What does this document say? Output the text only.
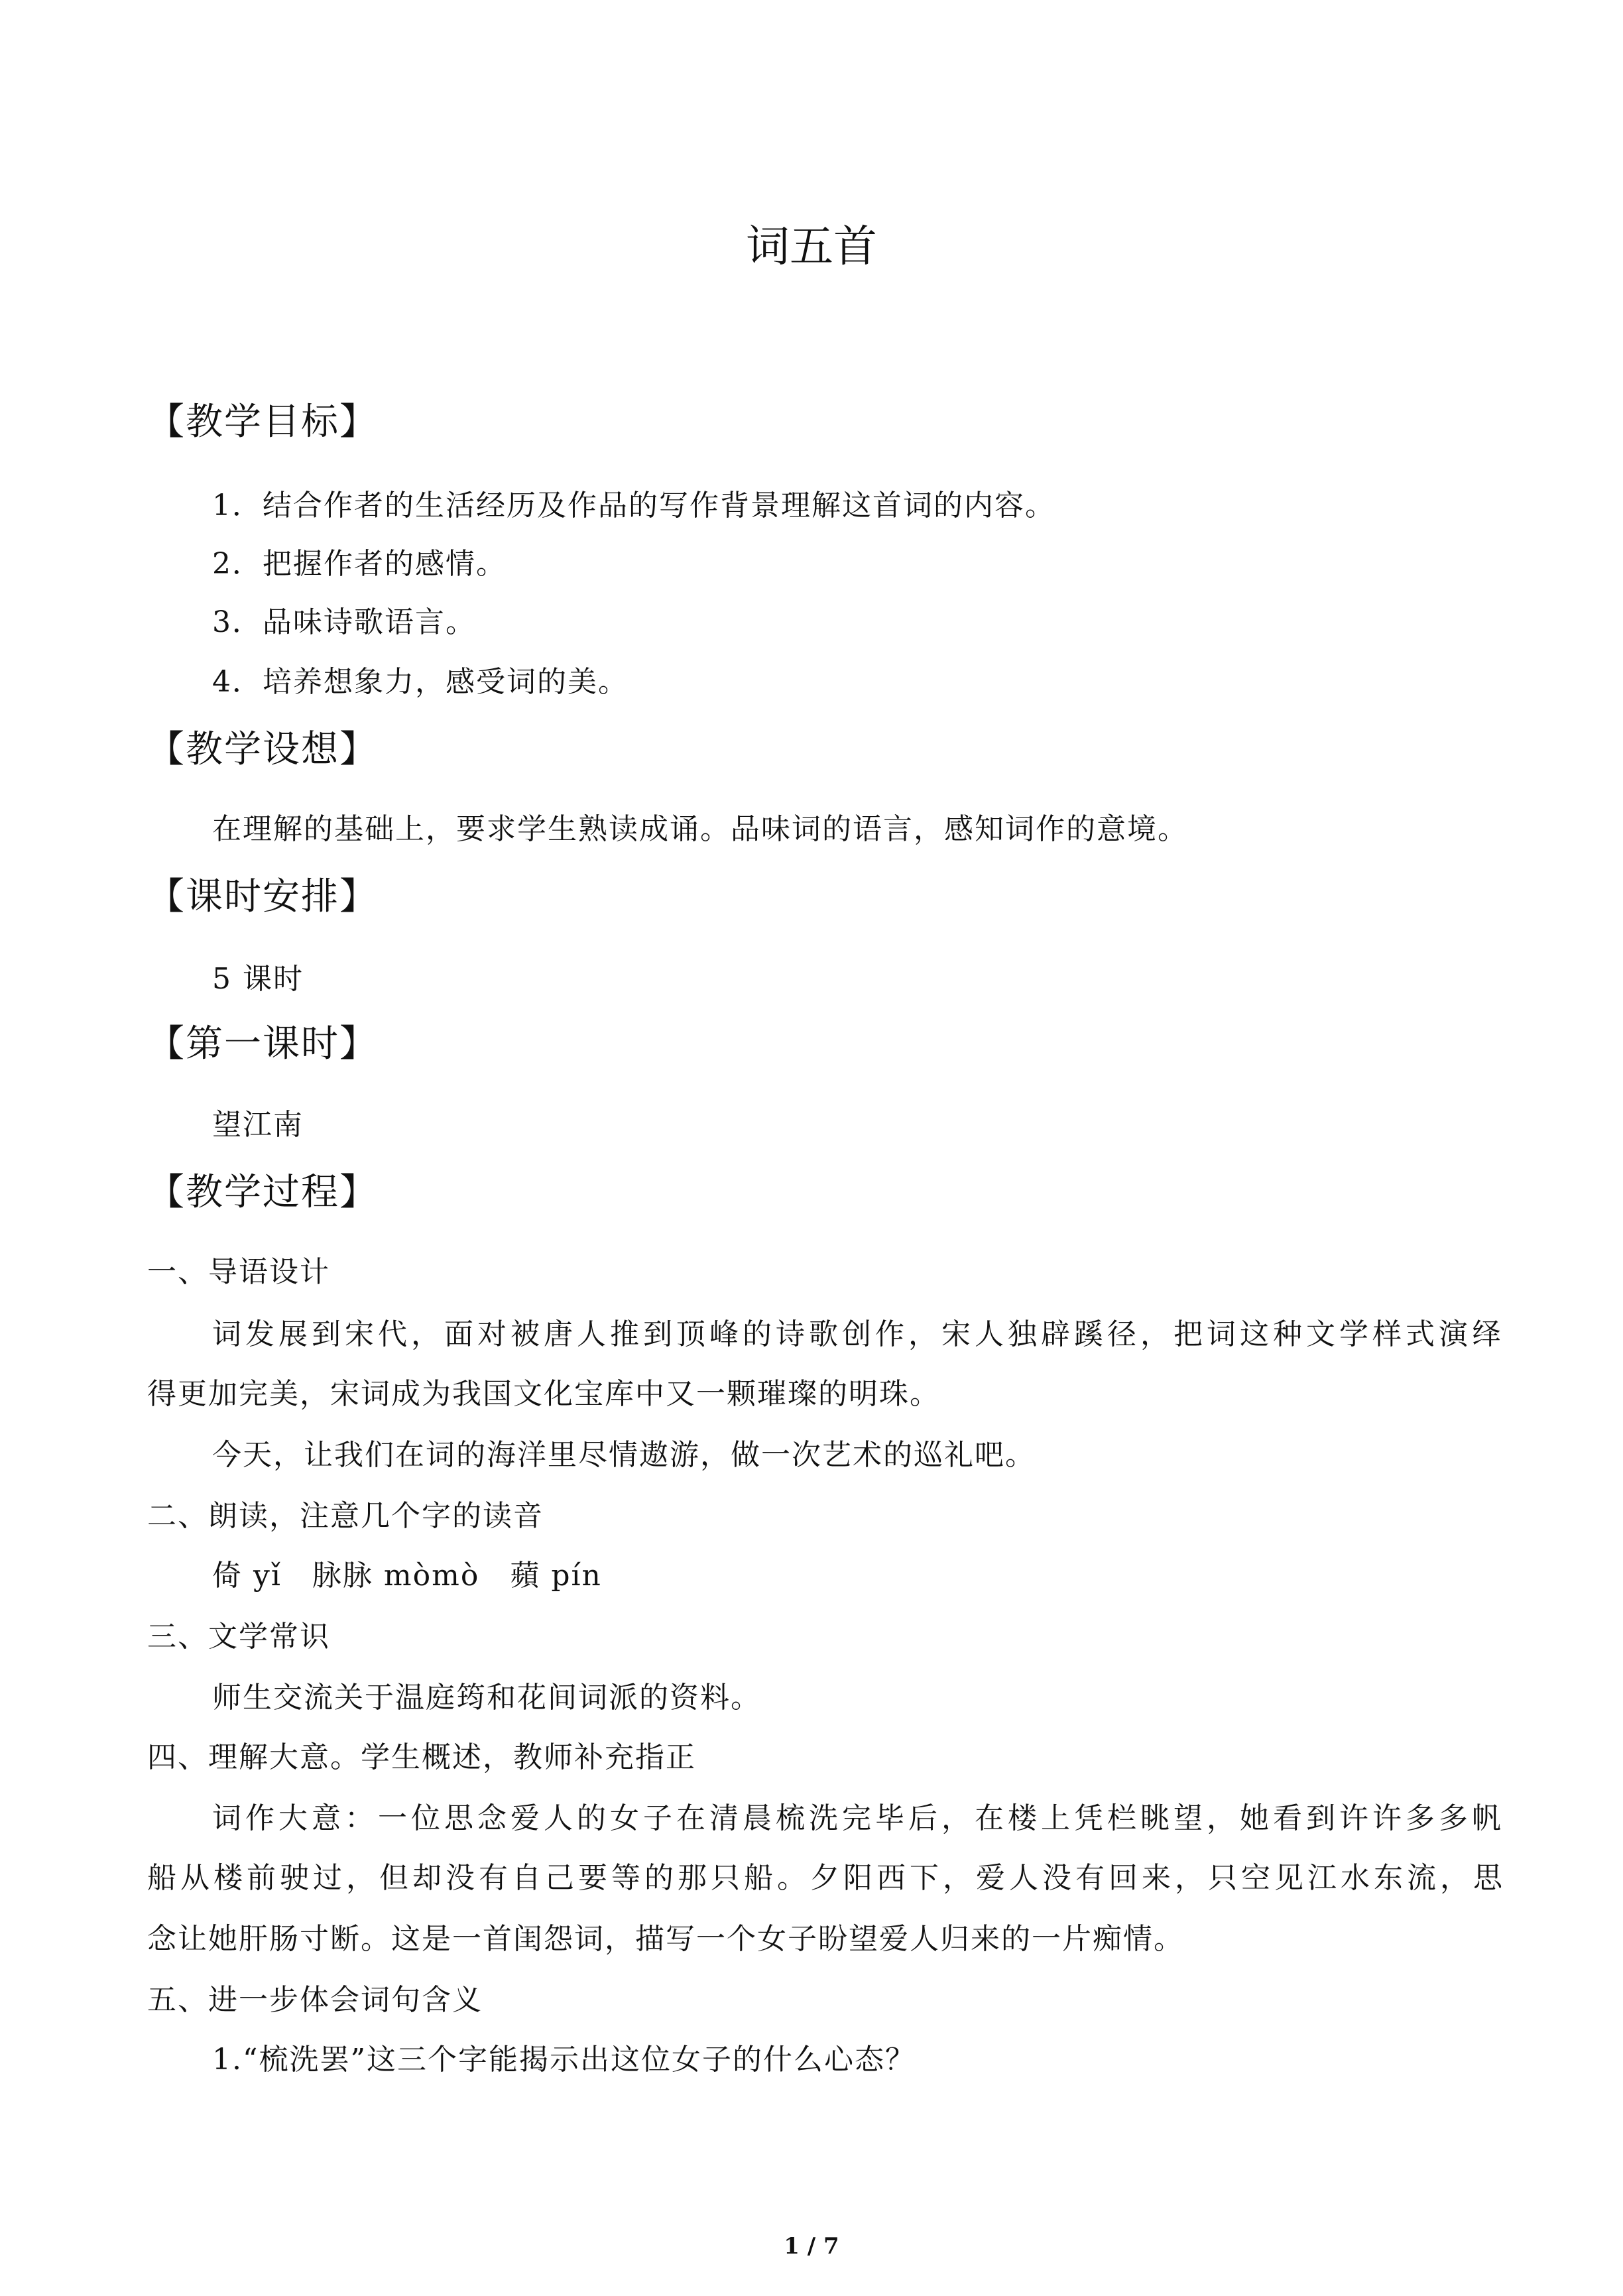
词五首
【教学目标】
1．结合作者的生活经历及作品的写作背景理解这首词的内容。
2．把握作者的感情。
3．品味诗歌语言。
4．培养想象力，感受词的美。
【教学设想】
在理解的基础上，要求学生熟读成诵。品味词的语言，感知词作的意境。
【课时安排】
5 课时
【第一课时】
望江南
【教学过程】
一、导语设计
词发展到宋代，面对被唐人推到顶峰的诗歌创作，宋人独辟蹊径，把词这种文学样式演绎
得更加完美，宋词成为我国文化宝库中又一颗璀璨的明珠。
今天，让我们在词的海洋里尽情遨游，做一次艺术的巡礼吧。
二、朗读，注意几个字的读音
倚 yǐ　脉脉 mòmò　蘋 pín
三、文学常识
师生交流关于温庭筠和花间词派的资料。
四、理解大意。学生概述，教师补充指正
词作大意：一位思念爱人的女子在清晨梳洗完毕后，在楼上凭栏眺望，她看到许许多多帆
船从楼前驶过，但却没有自己要等的那只船。夕阳西下，爱人没有回来，只空见江水东流，思
念让她肝肠寸断。这是一首闺怨词，描写一个女子盼望爱人归来的一片痴情。
五、进一步体会词句含义
1.“梳洗罢”这三个字能揭示出这位女子的什么心态？
1 / 7
